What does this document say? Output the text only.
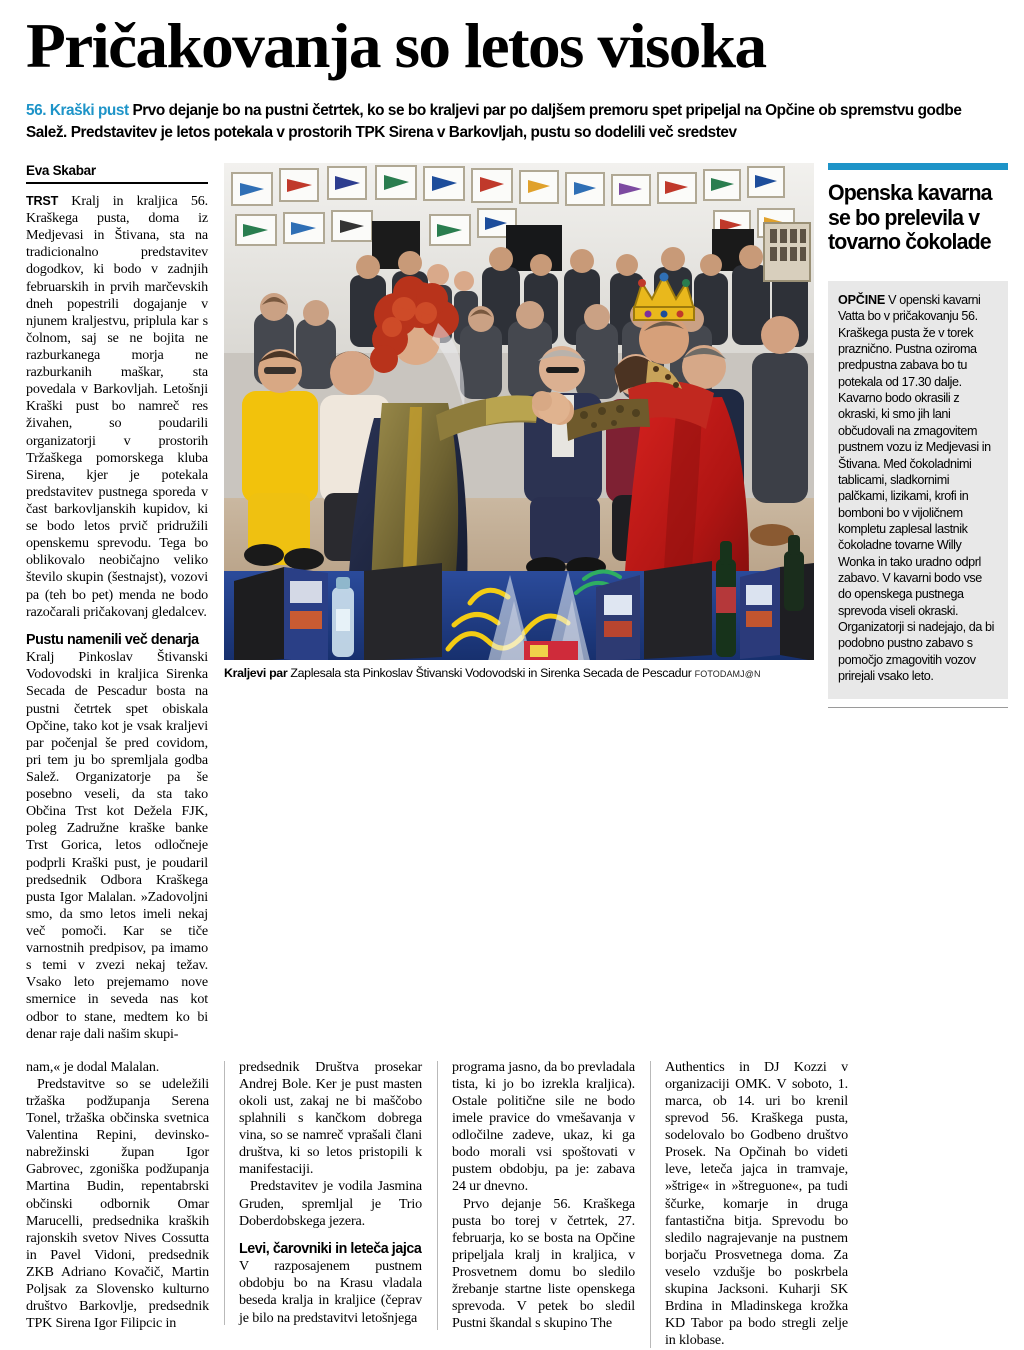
Pričakovanja so letos visoka
56. Kraški pust Prvo dejanje bo na pustni četrtek, ko se bo kraljevi par po daljšem premoru spet pripeljal na Opčine ob spremstvu godbe Salež. Predstavitev je letos potekala v prostorih TPK Sirena v Barkovljah, pustu so dodelili več sredstev
Eva Skabar

TRST Kralj in kraljica 56. Kraškega pusta, doma iz Medjevasi in Štivana, sta na tradicionalno predstavitev dogodkov, ki bodo v zadnjih februarskih in prvih marčevskih dneh popestrili dogajanje v njunem kraljestvu, priplula kar s čolnom, saj se ne bojita ne razburkanega morja ne razburkanih maškar, sta povedala v Barkovljah. Letošnji Kraški pust bo namreč res živahen, so poudarili organizatorji v prostorih Tržaškega pomorskega kluba Sirena, kjer je potekala predstavitev pustnega sporeda v čast barkovljanskih kupidov, ki se bodo letos prvič pridružili openskemu sprevodu. Tega bo oblikovalo neobičajno veliko število skupin (šestnajst), vozovi pa (teh bo pet) menda ne bodo razočarali pričakovanj gledalcev.

Pustu namenili več denarja

Kralj Pinkoslav Štivanski Vodovodski in kraljica Sirenka Secada de Pescadur bosta na pustni četrtek spet obiskala Opčine, tako kot je vsak kraljevi par počenjal še pred covidom, pri tem ju bo spremljala godba Salež. Organizatorje pa še posebno veseli, da sta tako Občina Trst kot Dežela FJK, poleg Zadružne kraške banke Trst Gorica, letos odločneje podprli Kraški pust, je poudaril predsednik Odbora Kraškega pusta Igor Malalan. »Zadovoljni smo, da smo letos imeli nekaj več pomoči. Kar se tiče varnostnih predpisov, pa imamo s temi v zvezi nekaj težav. Vsako leto prejemamo nove smernice in seveda nas kot odbor to stane, medtem ko bi denar raje dali našim skupi-

Kraljevi par Zaplesala sta Pinkoslav Štivanski Vodovodski in Sirenka Secada de Pescadur FOTODAMJ@N
Openska kavarna se bo prelevila v tovarno čokolade
OPČINE V openski kavarni Vatta bo v pričakovanju 56. Kraškega pusta že v torek praznično. Pustna oziroma predpustna zabava bo tu potekala od 17.30 dalje. Kavarno bodo okrasili z okraski, ki smo jih lani občudovali na zmagovitem pustnem vozu iz Medjevasi in Štivana. Med čokoladnimi tablicami, sladkornimi palčkami, lizikami, krofi in bomboni bo v vijoličnem kompletu zaplesal lastnik čokoladne tovarne Willy Wonka in tako uradno odprl zabavo. V kavarni bodo vse do openskega pustnega sprevoda viseli okraski. Organizatorji si nadejajo, da bi podobno pustno zabavo s pomočjo zmagovitih vozov prirejali vsako leto.

nam,« je dodal Malalan.

Predstavitve so se udeležili tržaška podžupanja Serena Tonel, tržaška občinska svetnica Valentina Repini, devinsko-nabrežinski župan Igor Gabrovec, zgoniška podžupanja Martina Budin, repentabrski občinski odbornik Omar Marucelli, predsednika kraških rajonskih svetov Nives Cossutta in Pavel Vidoni, predsednik ZKB Adriano Kovačič, Martin Poljsak za Slovensko kulturno društvo Barkovlje, predsednik TPK Sirena Igor Filipcic in

predsednik Društva prosekar Andrej Bole. Ker je pust masten okoli ust, zakaj ne bi maščobo splahnili s kančkom dobrega vina, so se namreč vprašali člani društva, ki so letos pristopili k manifestaciji.

Predstavitev je vodila Jasmina Gruden, spremljal je Trio Doberdobskega jezera.

Levi, čarovniki in leteča jajca

V razposajenem pustnem obdobju bo na Krasu vladala beseda kralja in kraljice (čeprav je bilo na predstavitvi letošnjega

programa jasno, da bo prevladala tista, ki jo bo izrekla kraljica). Ostale politične sile ne bodo imele pravice do vmešavanja v odločilne zadeve, ukaz, ki ga bodo morali vsi spoštovati v pustem obdobju, pa je: zabava 24 ur dnevno.

Prvo dejanje 56. Kraškega pusta bo torej v četrtek, 27. februarja, ko se bosta na Opčine pripeljala kralj in kraljica, v Prosvetnem domu bo sledilo žrebanje startne liste openskega sprevoda. V petek bo sledil Pustni škandal s skupino The

Authentics in DJ Kozzi v organizaciji OMK. V soboto, 1. marca, ob 14. uri bo krenil sprevod 56. Kraškega pusta, sodelovalo bo Godbeno društvo Prosek. Na Opčinah bo videti leve, leteča jajca in tramvaje, »štrige« in »štreguone«, pa tudi ščurke, komarje in druga fantastična bitja. Sprevodu bo sledilo nagrajevanje na pustnem borjaču Prosvetnega doma. Za veselo vzdušje bo poskrbela skupina Jacksoni. Kuharji SK Brdina in Mladinskega krožka KD Tabor pa bodo stregli zelje in klobase.
